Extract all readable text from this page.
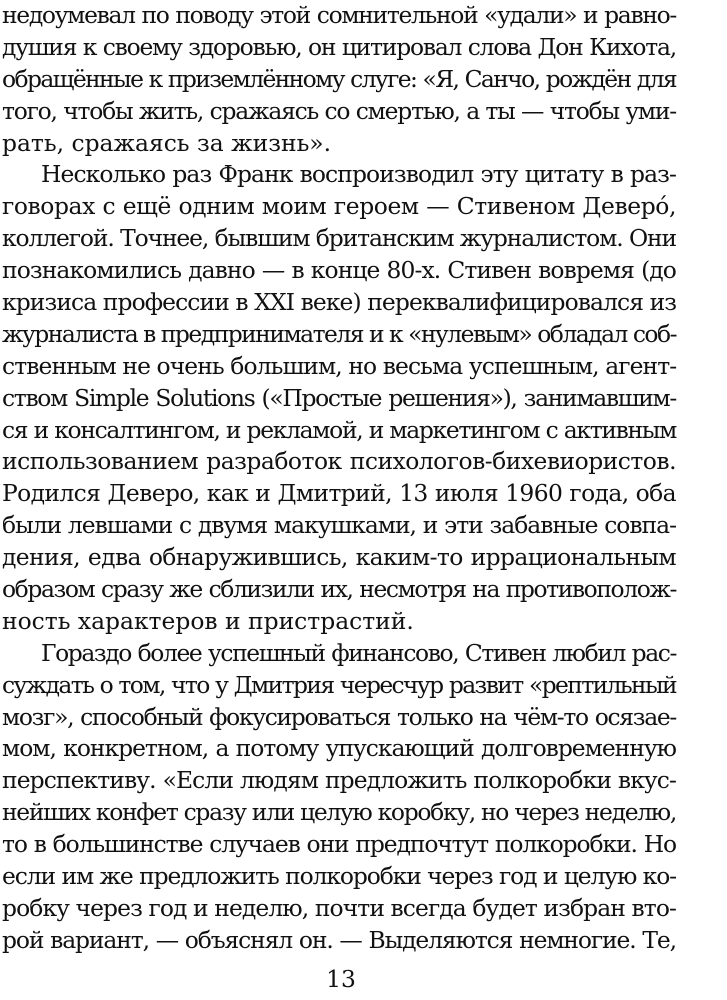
недоумевал по поводу этой сомнительной «удали» и равно-
душия к своему здоровью, он цитировал слова Дон Кихота,
обращённые к приземлённому слуге: «Я, Санчо, рождён для
того, чтобы жить, сражаясь со смертью, а ты — чтобы уми-
рать, сражаясь за жизнь».
Несколько раз Франк воспроизводил эту цитату в раз-
говорах с ещё одним моим героем — Стивеном Деверó,
коллегой. Точнее, бывшим британским журналистом. Они
познакомились давно — в конце 80-х. Стивен вовремя (до
кризиса профессии в XXI веке) переквалифицировался из
журналиста в предпринимателя и к «нулевым» обладал соб-
ственным не очень большим, но весьма успешным, агент-
ством Simple Solutions («Простые решения»), занимавшим-
ся и консалтингом, и рекламой, и маркетингом с активным
использованием разработок психологов-бихевиористов.
Родился Деверо, как и Дмитрий, 13 июля 1960 года, оба
были левшами с двумя макушками, и эти забавные совпа-
дения, едва обнаружившись, каким-то иррациональным
образом сразу же сблизили их, несмотря на противополож-
ность характеров и пристрастий.
Гораздо более успешный финансово, Стивен любил рас-
суждать о том, что у Дмитрия чересчур развит «рептильный
мозг», способный фокусироваться только на чём-то осязае-
мом, конкретном, а потому упускающий долговременную
перспективу. «Если людям предложить полкоробки вкус-
нейших конфет сразу или целую коробку, но через неделю,
то в большинстве случаев они предпочтут полкоробки. Но
если им же предложить полкоробки через год и целую ко-
робку через год и неделю, почти всегда будет избран вто-
рой вариант, — объяснял он. — Выделяются немногие. Те,
13
